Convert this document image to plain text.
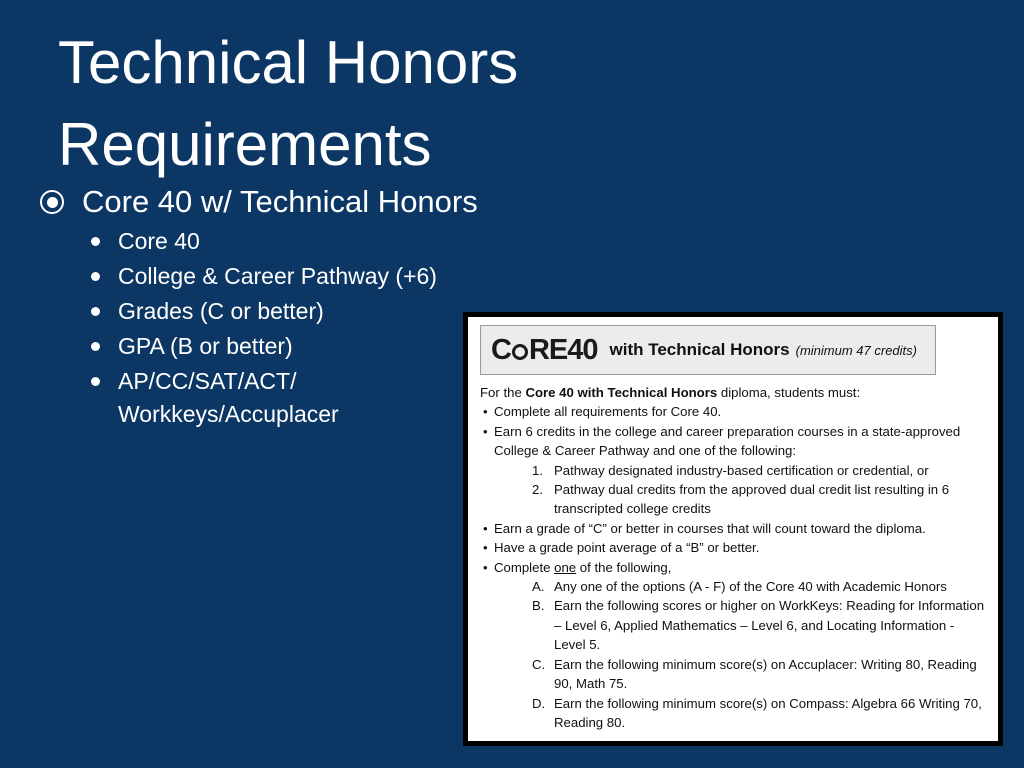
Technical Honors
Requirements
Core 40 w/ Technical Honors
Core 40
College & Career Pathway (+6)
Grades (C or better)
GPA (B or better)
AP/CC/SAT/ACT/ Workkeys/Accuplacer
C RE40 with Technical Honors (minimum 47 credits)
For the Core 40 with Technical Honors diploma, students must:
• Complete all requirements for Core 40.
• Earn 6 credits in the college and career preparation courses in a state-approved College & Career Pathway and one of the following:
1. Pathway designated industry-based certification or credential, or
2. Pathway dual credits from the approved dual credit list resulting in 6 transcripted college credits
• Earn a grade of “C” or better in courses that will count toward the diploma.
• Have a grade point average of a “B” or better.
• Complete one of the following,
A. Any one of the options (A - F) of the Core 40 with Academic Honors
B. Earn the following scores or higher on WorkKeys: Reading for Information – Level 6, Applied Mathematics – Level 6, and Locating Information - Level 5.
C. Earn the following minimum score(s) on Accuplacer: Writing 80, Reading 90, Math 75.
D. Earn the following minimum score(s) on Compass: Algebra 66 Writing 70, Reading 80.
